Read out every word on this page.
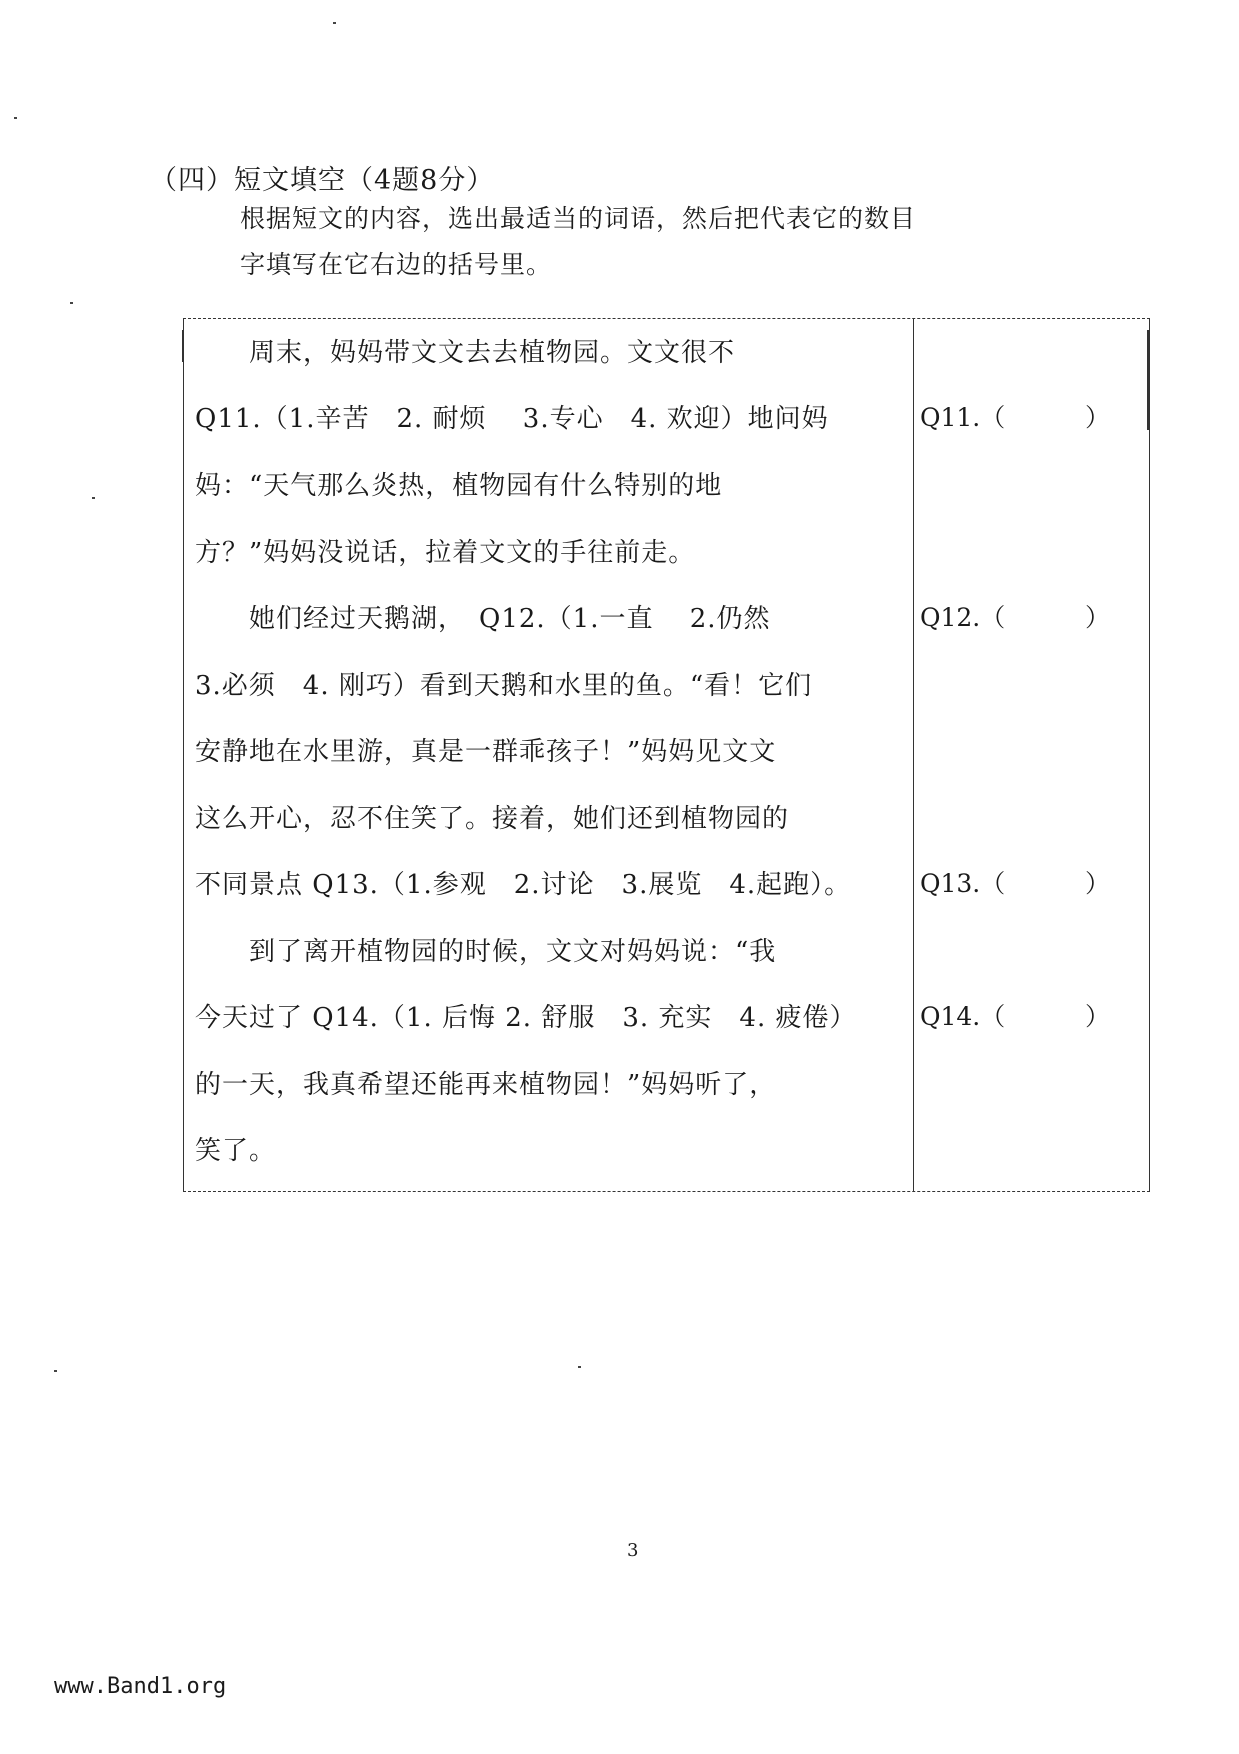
（四）短文填空（4题8分）
根据短文的内容，选出最适当的词语，然后把代表它的数目
字填写在它右边的括号里。
　　周末，妈妈带文文去去植物园。文文很不
Q11.（1.辛苦　2. 耐烦　 3.专心　4. 欢迎）地问妈
妈：“天气那么炎热，植物园有什么特别的地
方？”妈妈没说话，拉着文文的手往前走。
　　她们经过天鹅湖，　Q12.（1.一直　 2.仍然
3.必须　4. 刚巧）看到天鹅和水里的鱼。“看！它们
安静地在水里游，真是一群乖孩子！”妈妈见文文
这么开心，忍不住笑了。接着，她们还到植物园的
不同景点 Q13.（1.参观　2.讨论　3.展览　4.起跑）。
　　到了离开植物园的时候，文文对妈妈说：“我
今天过了 Q14.（1. 后悔 2. 舒服　3. 充实　4. 疲倦）
的一天，我真希望还能再来植物园！”妈妈听了，
笑了。
Q11.（	）
Q12.（	）
Q13.（	）
Q14.（	）
3
www.Band1.org
